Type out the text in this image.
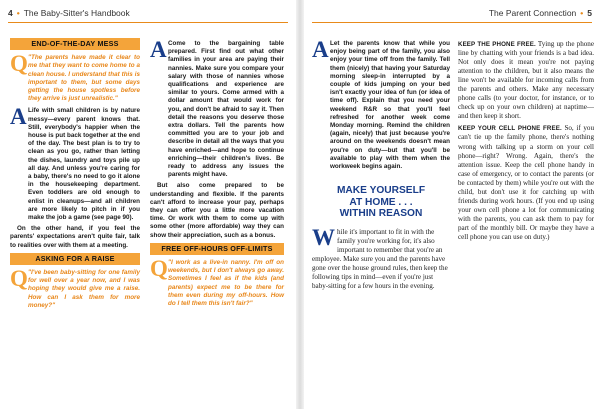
4 • The Baby-Sitter's Handbook
END-OF-THE-DAY MESS
Q "The parents have made it clear to me that they want to come home to a clean house. I understand that this is important to them, but some days getting the house spotless before they arrive is just unrealistic."
A Life with small children is by nature messy—every parent knows that. Still, everybody's happier when the house is put back together at the end of the day. The best plan is to try to clean as you go, rather than letting the dishes, laundry and toys pile up all day. And unless you're caring for a baby, there's no need to go it alone in the housekeeping department. Even toddlers are old enough to enlist in cleanups—and all children are more likely to pitch in if you make the job a game (see page 90).

On the other hand, if you feel the parents' expectations aren't quite fair, talk to realities over with them at a meeting.

ASKING FOR A RAISE
Q "I've been baby-sitting for one family for well over a year now, and I was hoping they would give me a raise. How can I ask them for more money?"
A Come to the bargaining table prepared. First find out what other families in your area are paying their nannies. Make sure you compare your salary with those of nannies whose qualifications and experience are similar to yours. Come armed with a dollar amount that would work for you, and don't be afraid to say it. Then detail the reasons you deserve those extra dollars. Tell the parents how committed you are to your job and describe in detail all the ways that you have enriched—and hope to continue enriching—their children's lives. Be ready to address any issues the parents might have.

But also come prepared to be understanding and flexible. If the parents can't afford to increase your pay, perhaps they can offer you a little more vacation time. Or work with them to come up with some other (more affordable) way they can show their appreciation, such as a bonus.

FREE OFF-HOURS OFF-LIMITS
Q "I work as a live-in nanny. I'm off on weekends, but I don't always go away. Sometimes I feel as if the kids (and parents) expect me to be there for them even during my off-hours. How do I tell them this isn't fair?"
The Parent Connection • 5
A Let the parents know that while you enjoy being part of the family, you also enjoy your time off from the family. Tell them (nicely) that having your Saturday morning sleep-in interrupted by a couple of kids jumping on your bed isn't exactly your idea of fun (or idea of time off). Explain that you need your weekend R&R so that you'll feel refreshed for another week come Monday morning. Remind the children (again, nicely) that just because you're around on the weekends doesn't mean you're on duty—but that you'll be available to play with them when the workweek begins again.
MAKE YOURSELF
AT HOME . . .
WITHIN REASON
W hile it's important to fit in with the family you're working for, it's also important to remember that you're an employee. Make sure you and the parents have gone over the house ground rules, then keep the following tips in mind—even if you're just baby-sitting for a few hours in the evening.

KEEP THE PHONE FREE. Tying up the phone line by chatting with your friends is a bad idea. Not only does it mean you're not paying attention to the children, but it also means the line won't be available for incoming calls from the parents and others. Make any necessary phone calls (to your doctor, for instance, or to check up on your own children) at naptime—and then keep it short.

KEEP YOUR CELL PHONE FREE. So, if you can't tie up the family phone, there's nothing wrong with talking up a storm on your cell phone—right? Wrong. Again, there's the attention issue. Keep the cell phone handy in case of emergency, or to contact the parents (or be contacted by them) while you're out with the child, but don't use it for catching up with friends during work hours. (If you end up using your own cell phone a lot for communicating with the parents, you can ask them to pay for part of the monthly bill. Or maybe they have a cell phone you can use on duty.)
